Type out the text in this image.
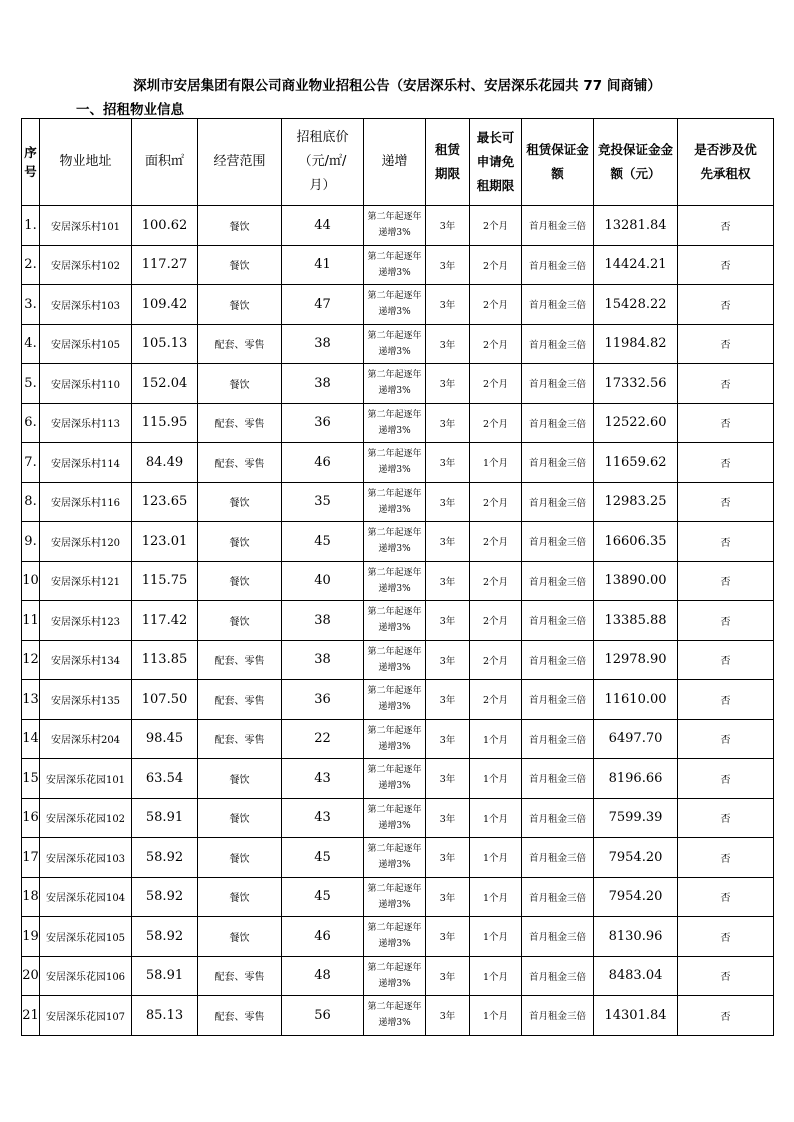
深圳市安居集团有限公司商业物业招租公告（安居深乐村、安居深乐花园共 77 间商铺）
一、招租物业信息
序号	物业地址	面积㎡	经营范围	招租底价（元/㎡/月）	递增	租赁期限	最长可申请免租期限	租赁保证金额	竞投保证金金额（元）	是否涉及优先承租权
1.	安居深乐村101	100.62	餐饮	44	第二年起逐年递增3%	3年	2个月	首月租金三倍	13281.84	否
2.	安居深乐村102	117.27	餐饮	41	第二年起逐年递增3%	3年	2个月	首月租金三倍	14424.21	否
3.	安居深乐村103	109.42	餐饮	47	第二年起逐年递增3%	3年	2个月	首月租金三倍	15428.22	否
4.	安居深乐村105	105.13	配套、零售	38	第二年起逐年递增3%	3年	2个月	首月租金三倍	11984.82	否
5.	安居深乐村110	152.04	餐饮	38	第二年起逐年递增3%	3年	2个月	首月租金三倍	17332.56	否
6.	安居深乐村113	115.95	配套、零售	36	第二年起逐年递增3%	3年	2个月	首月租金三倍	12522.60	否
7.	安居深乐村114	84.49	配套、零售	46	第二年起逐年递增3%	3年	1个月	首月租金三倍	11659.62	否
8.	安居深乐村116	123.65	餐饮	35	第二年起逐年递增3%	3年	2个月	首月租金三倍	12983.25	否
9.	安居深乐村120	123.01	餐饮	45	第二年起逐年递增3%	3年	2个月	首月租金三倍	16606.35	否
10	安居深乐村121	115.75	餐饮	40	第二年起逐年递增3%	3年	2个月	首月租金三倍	13890.00	否
11	安居深乐村123	117.42	餐饮	38	第二年起逐年递增3%	3年	2个月	首月租金三倍	13385.88	否
12	安居深乐村134	113.85	配套、零售	38	第二年起逐年递增3%	3年	2个月	首月租金三倍	12978.90	否
13	安居深乐村135	107.50	配套、零售	36	第二年起逐年递增3%	3年	2个月	首月租金三倍	11610.00	否
14	安居深乐村204	98.45	配套、零售	22	第二年起逐年递增3%	3年	1个月	首月租金三倍	6497.70	否
15	安居深乐花园101	63.54	餐饮	43	第二年起逐年递增3%	3年	1个月	首月租金三倍	8196.66	否
16	安居深乐花园102	58.91	餐饮	43	第二年起逐年递增3%	3年	1个月	首月租金三倍	7599.39	否
17	安居深乐花园103	58.92	餐饮	45	第二年起逐年递增3%	3年	1个月	首月租金三倍	7954.20	否
18	安居深乐花园104	58.92	餐饮	45	第二年起逐年递增3%	3年	1个月	首月租金三倍	7954.20	否
19	安居深乐花园105	58.92	餐饮	46	第二年起逐年递增3%	3年	1个月	首月租金三倍	8130.96	否
20	安居深乐花园106	58.91	配套、零售	48	第二年起逐年递增3%	3年	1个月	首月租金三倍	8483.04	否
21	安居深乐花园107	85.13	配套、零售	56	第二年起逐年递增3%	3年	1个月	首月租金三倍	14301.84	否
